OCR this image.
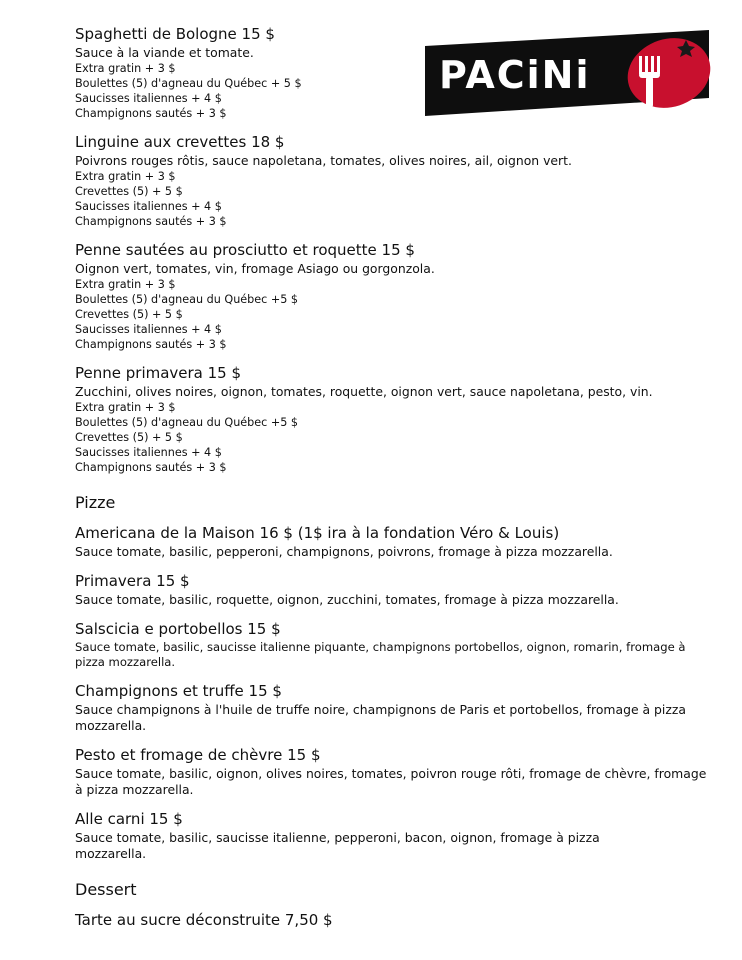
PACiNi
Spaghetti de Bologne 15 $
Sauce à la viande et tomate.
Extra gratin + 3 $
Boulettes (5) d'agneau du Québec + 5 $
Saucisses italiennes + 4 $
Champignons sautés + 3 $
Linguine aux crevettes 18 $
Poivrons rouges rôtis, sauce napoletana, tomates, olives noires, ail, oignon vert.
Extra gratin + 3 $
Crevettes (5) + 5 $
Saucisses italiennes + 4 $
Champignons sautés + 3 $
Penne sautées au prosciutto et roquette 15 $
Oignon vert, tomates, vin, fromage Asiago ou gorgonzola.
Extra gratin + 3 $
Boulettes (5) d'agneau du Québec +5 $
Crevettes (5) + 5 $
Saucisses italiennes + 4 $
Champignons sautés + 3 $
Penne primavera 15 $
Zucchini, olives noires, oignon, tomates, roquette, oignon vert, sauce napoletana, pesto, vin.
Extra gratin + 3 $
Boulettes (5) d'agneau du Québec +5 $
Crevettes (5) + 5 $
Saucisses italiennes + 4 $
Champignons sautés + 3 $
Pizze
Americana de la Maison 16 $ (1$ ira à la fondation Véro & Louis)
Sauce tomate, basilic, pepperoni, champignons, poivrons, fromage à pizza mozzarella.
Primavera 15 $
Sauce tomate, basilic, roquette, oignon, zucchini, tomates, fromage à pizza mozzarella.
Salscicia e portobellos 15 $
Sauce tomate, basilic, saucisse italienne piquante, champignons portobellos, oignon, romarin, fromage à pizza mozzarella.
Champignons et truffe 15 $
Sauce champignons à l'huile de truffe noire, champignons de Paris et portobellos, fromage à pizza mozzarella.
Pesto et fromage de chèvre 15 $
Sauce tomate, basilic, oignon, olives noires, tomates, poivron rouge rôti, fromage de chèvre, fromage à pizza mozzarella.
Alle carni 15 $
Sauce tomate, basilic, saucisse italienne, pepperoni, bacon, oignon, fromage à pizza mozzarella.
Dessert
Tarte au sucre déconstruite 7,50 $
